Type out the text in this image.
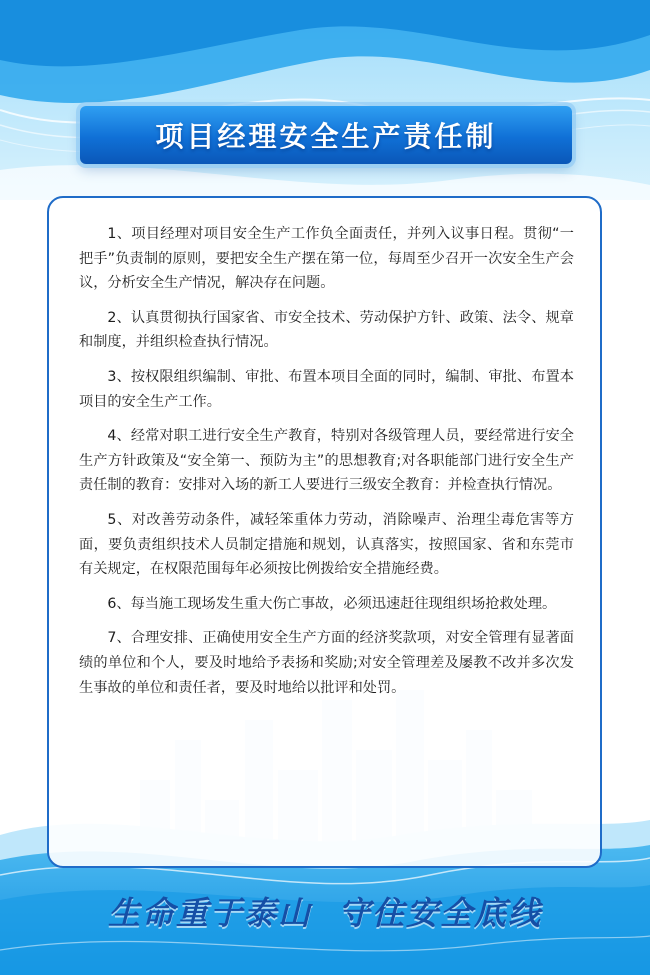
项目经理安全生产责任制

1、项目经理对项目安全生产工作负全面责任，并列入议事日程。贯彻“一把手”负责制的原则，要把安全生产摆在第一位，每周至少召开一次安全生产会议，分析安全生产情况，解决存在问题。

2、认真贯彻执行国家省、市安全技术、劳动保护方针、政策、法令、规章和制度，并组织检查执行情况。

3、按权限组织编制、审批、布置本项目全面的同时，编制、审批、布置本项目的安全生产工作。

4、经常对职工进行安全生产教育，特别对各级管理人员，要经常进行安全生产方针政策及“安全第一、预防为主”的思想教育;对各职能部门进行安全生产责任制的教育：安排对入场的新工人要进行三级安全教育：并检查执行情况。

5、对改善劳动条件，减轻笨重体力劳动，消除噪声、治理尘毒危害等方面，要负责组织技术人员制定措施和规划，认真落实，按照国家、省和东莞市有关规定，在权限范围每年必须按比例拨给安全措施经费。

6、每当施工现场发生重大伤亡事故，必须迅速赶往现组织场抢救处理。

7、合理安排、正确使用安全生产方面的经济奖款项，对安全管理有显著面绩的单位和个人，要及时地给予表扬和奖励;对安全管理差及屡教不改并多次发生事故的单位和责任者，要及时地给以批评和处罚。

生命重于泰山 守住安全底线
